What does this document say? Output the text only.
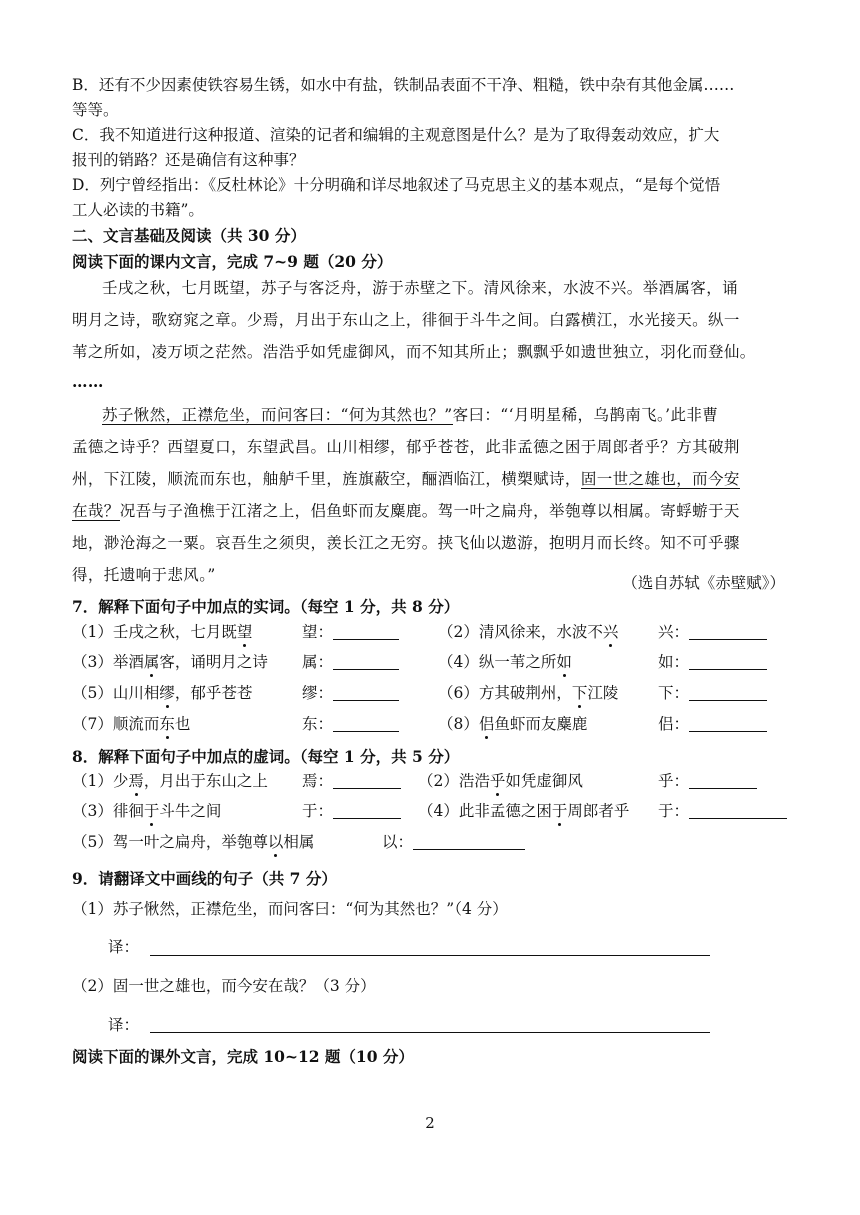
B．还有不少因素使铁容易生锈，如水中有盐，铁制品表面不干净、粗糙，铁中杂有其他金属……
等等。
C．我不知道进行这种报道、渲染的记者和编辑的主观意图是什么？是为了取得轰动效应，扩大
报刊的销路？还是确信有这种事？
D．列宁曾经指出：《反杜林论》十分明确和详尽地叙述了马克思主义的基本观点，“是每个觉悟
工人必读的书籍”。
二、文言基础及阅读（共 30 分）
阅读下面的课内文言，完成 7~9 题（20 分）
壬戌之秋，七月既望，苏子与客泛舟，游于赤壁之下。清风徐来，水波不兴。举酒属客，诵
明月之诗，歌窈窕之章。少焉，月出于东山之上，徘徊于斗牛之间。白露横江，水光接天。纵一
苇之所如，凌万顷之茫然。浩浩乎如凭虚御风，而不知其所止；飘飘乎如遗世独立，羽化而登仙。
……
苏子愀然，正襟危坐，而问客曰：“何为其然也？”客曰：“‘月明星稀，乌鹊南飞。’此非曹
孟德之诗乎？西望夏口，东望武昌。山川相缪，郁乎苍苍，此非孟德之困于周郎者乎？方其破荆
州，下江陵，顺流而东也，舳舻千里，旌旗蔽空，酾酒临江，横槊赋诗，固一世之雄也，而今安
在哉？况吾与子渔樵于江渚之上，侣鱼虾而友麋鹿。驾一叶之扁舟，举匏尊以相属。寄蜉蝣于天
地，渺沧海之一粟。哀吾生之须臾，羡长江之无穷。挟飞仙以遨游，抱明月而长终。知不可乎骤
得，托遗响于悲风。”	（选自苏轼《赤壁赋》）
7．解释下面句子中加点的实词。（每空 1 分，共 8 分）
（1）壬戌之秋，七月既望	望：	（2）清风徐来，水波不兴	兴：
（3）举酒属客，诵明月之诗 属：	（4）纵一苇之所如	如：
（5）山川相缪，郁乎苍苍	缪：	（6）方其破荆州，下江陵	下：
（7）顺流而东也	东：	（8）侣鱼虾而友麋鹿	侣：
8．解释下面句子中加点的虚词。（每空 1 分，共 5 分）
（1）少焉，月出于东山之上 焉：	（2）浩浩乎如凭虚御风	乎：
（3）徘徊于斗牛之间	于：	（4）此非孟德之困于周郎者乎 于：
（5）驾一叶之扁舟，举匏尊以相属	以：
9．请翻译文中画线的句子（共 7 分）
（1）苏子愀然，正襟危坐，而问客曰：“何为其然也？”（4 分）
译：
（2）固一世之雄也，而今安在哉？（3 分）
译：
阅读下面的课外文言，完成 10~12 题（10 分）
2
